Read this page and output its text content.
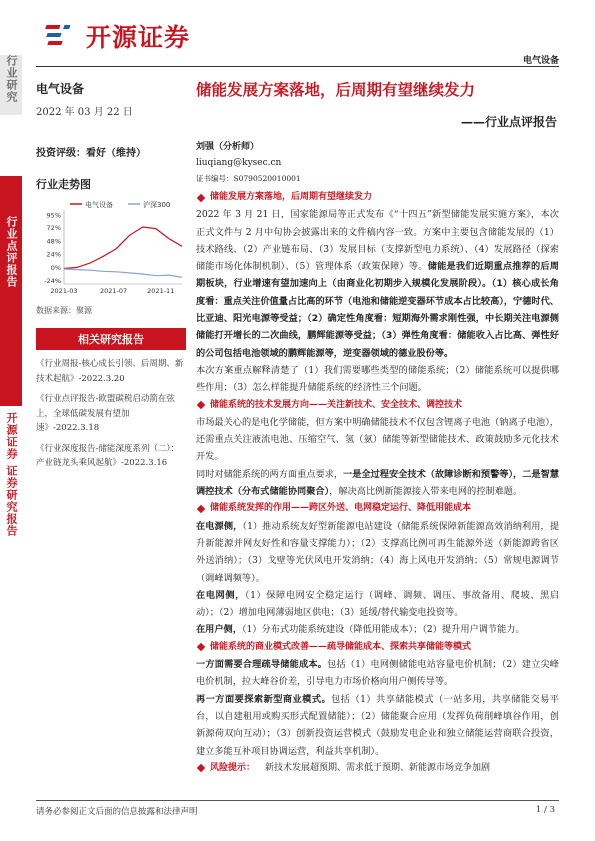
行业研究
行业点评报告
开源证券 证券研究报告
开源证券
电气设备
电气设备
2022 年 03 月 22 日
投资评级：看好（维持）
行业走势图
电气设备	沪深300
95%
72%
48%
24%
0%
-24%
2021-03	2021-07	2021-11
数据来源：聚源
相关研究报告

《行业周报-核心成长引领、后周期、新技术起航》-2022.3.20

《行业点评报告-欧盟碳税启动箭在弦上，全球低碳发展有望加速》-2022.3.18

《行业深度报告-储能深度系列（二）：产业链龙头乘风起航》-2022.3.16

储能发展方案落地，后周期有望继续发力
——行业点评报告
刘强（分析师）
liuqiang@kysec.cn
证书编号：S0790520010001
储能发展方案落地，后周期有望继续发力
2022 年 3 月 21 日，国家能源局等正式发布《“十四五”新型储能发展实施方案》，本次正式文件与 2 月中旬协会披露出来的文件稿内容一致。方案中主要包含储能发展的（1）技术路线、（2）产业链布局、（3）发展目标（支撑新型电力系统）、（4）发展路径（探索储能市场化体制机制）、（5）管理体系（政策保障）等。储能是我们近期重点推荐的后周期板块，行业增速有望加速向上（由商业化初期步入规模化发展阶段）。（1）核心成长角度看：重点关注价值量占比高的环节（电池和储能逆变器环节成本占比较高），宁德时代、比亚迪、阳光电源等受益；（2）确定性角度看：短期海外需求刚性强，中长期关注电源侧储能打开增长的二次曲线，鹏辉能源等受益；（3）弹性角度看：储能收入占比高、弹性好的公司包括电池领域的鹏辉能源等，逆变器领域的德业股份等。
本次方案重点解释清楚了（1）我们需要哪些类型的储能系统；（2）储能系统可以提供哪些作用；（3）怎么样能提升储能系统的经济性三个问题。
储能系统的技术发展方向——关注新技术、安全技术、调控技术
市场最关心的是电化学储能，但方案中明确储能技术不仅包含锂离子电池（钠离子电池），还需重点关注液流电池、压缩空气、氢（氨）储能等新型储能技术、政策鼓励多元化技术开发。
同时对储能系统的两方面重点要求，一是全过程安全技术（故障诊断和预警等），二是智慧调控技术（分布式储能协同聚合），解决高比例新能源接入带来电网的控制难题。
储能系统发挥的作用——跨区外送、电网稳定运行、降低用能成本
在电源侧，（1）推动系统友好型新能源电站建设（储能系统保障新能源高效消纳利用，提升新能源并网友好性和容量支撑能力）；（2）支撑高比例可再生能源外送（新能源跨省区外送消纳）；（3）戈壁等光伏风电开发消纳；（4）海上风电开发消纳；（5）常规电源调节（调峰调频等）。
在电网侧，（1）保障电网安全稳定运行（调峰、调频、调压、事故备用、爬坡、黑启动）；（2）增加电网薄弱地区供电；（3）延缓/替代输变电投资等。
在用户侧，（1）分布式功能系统建设（降低用能成本）；（2）提升用户调节能力。
储能系统的商业模式改善——疏导储能成本、探索共享储能等模式
一方面需要合理疏导储能成本。包括（1）电网侧储能电站容量电价机制；（2）建立尖峰电价机制，拉大峰谷价差，引导电力市场价格向用户侧传导等。
再一方面要探索新型商业模式。包括（1）共享储能模式（一站多用，共享储能交易平台，以自建租用或购买形式配置储能）；（2）储能聚合应用（发挥负荷削峰填谷作用，创新源荷双向互动）；（3）创新投资运营模式（鼓励发电企业和独立储能运营商联合投资，建立多能互补项目协调运营，利益共享机制）。
风险提示： 新技术发展超预期、需求低于预期、新能源市场竞争加剧
请务必参阅正文后面的信息披露和法律声明	1 / 3
